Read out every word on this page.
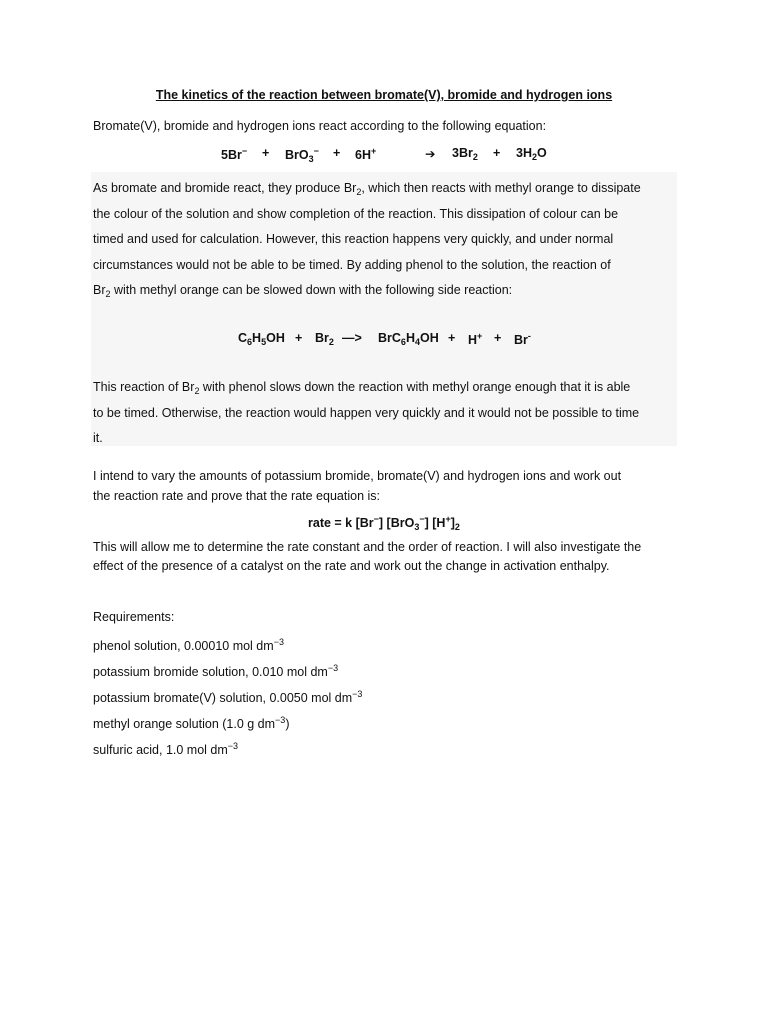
The kinetics of the reaction between bromate(V), bromide and hydrogen ions
Bromate(V), bromide and hydrogen ions react according to the following equation:
5Br− + BrO$_3$− + 6H+	➔ $3Br_2 + 3H_2O$
As bromate and bromide react, they produce $Br_2$, which then reacts with methyl orange to dissipate
the colour of the solution and show completion of the reaction. This dissipation of colour can be
timed and used for calculation. However, this reaction happens very quickly, and under normal
circumstances would not be able to be timed. By adding phenol to the solution, the reaction of
$Br_2$ with methyl orange can be slowed down with the following side reaction:
$C_6H_5OH + Br_2$ —> $BrC_6H_4OH + H^+ + Br^-$
This reaction of $Br_2$ with phenol slows down the reaction with methyl orange enough that it is able
to be timed. Otherwise, the reaction would happen very quickly and it would not be possible to time
it.
I intend to vary the amounts of potassium bromide, bromate(V) and hydrogen ions and work out
the reaction rate and prove that the rate equation is:
rate = k [Br−] [BrO$_3$−] $[H^+]_2$
This will allow me to determine the rate constant and the order of reaction. I will also investigate the
effect of the presence of a catalyst on the rate and work out the change in activation enthalpy.
Requirements:
phenol solution, 0.00010 mol $dm^{-3}$
potassium bromide solution, 0.010 mol $dm^{-3}$
potassium bromate(V) solution, 0.0050 mol $dm^{-3}$
methyl orange solution (1.0 g $dm^{-3}$)
sulfuric acid, 1.0 mol $dm^{-3}$
